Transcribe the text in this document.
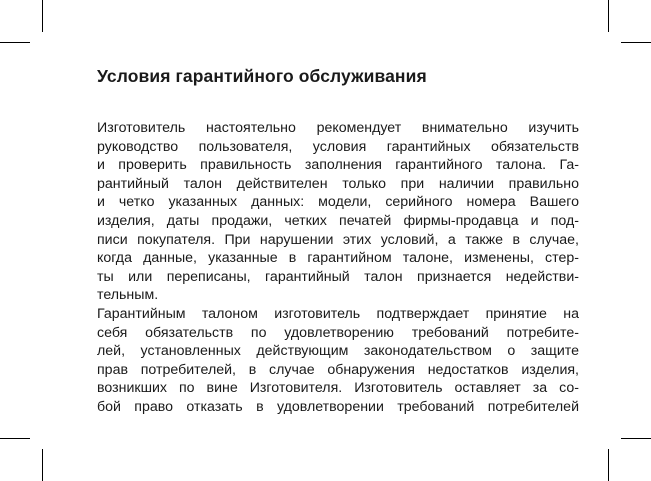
Условия гарантийного обслуживания
Изготовитель настоятельно рекомендует внимательно изучить
руководство пользователя, условия гарантийных обязательств
и проверить правильность заполнения гарантийного талона. Га-
рантийный талон действителен только при наличии правильно
и четко указанных данных: модели, серийного номера Вашего
изделия, даты продажи, четких печатей фирмы-продавца и под-
писи покупателя. При нарушении этих условий, а также в случае,
когда данные, указанные в гарантийном талоне, изменены, стер-
ты или переписаны, гарантийный талон признается недействи-
тельным.
Гарантийным талоном изготовитель подтверждает принятие на
себя обязательств по удовлетворению требований потребите-
лей, установленных действующим законодательством о защите
прав потребителей, в случае обнаружения недостатков изделия,
возникших по вине Изготовителя. Изготовитель оставляет за со-
бой право отказать в удовлетворении требований потребителей
